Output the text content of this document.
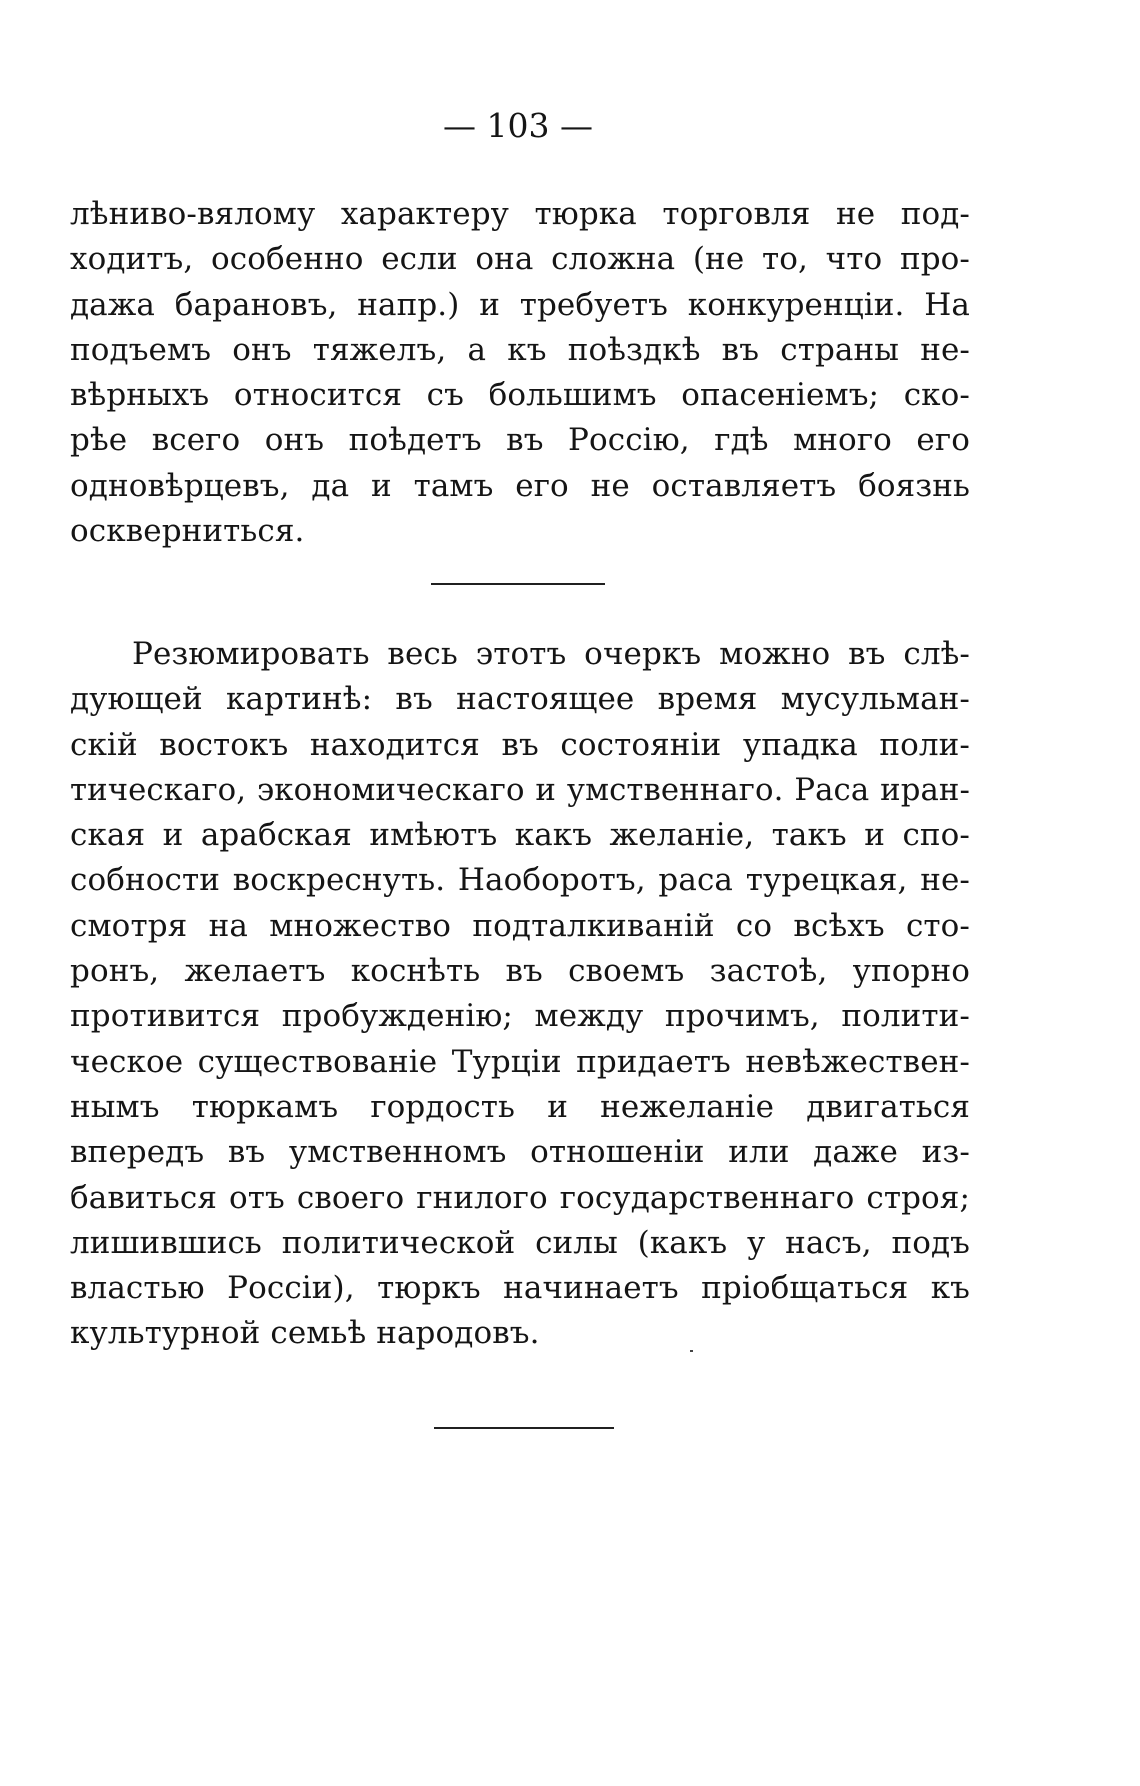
— 103 —
лѣниво-вялому характеру тюрка торговля не под-
ходитъ, особенно если она сложна (не то, что про-
дажа барановъ, напр.) и требуетъ конкуренціи. На
подъемъ онъ тяжелъ, а къ поѣздкѣ въ страны не-
вѣрныхъ относится съ большимъ опасеніемъ; ско-
рѣе всего онъ поѣдетъ въ Россію, гдѣ много его
одновѣрцевъ, да и тамъ его не оставляетъ боязнь
оскверниться.
Резюмировать весь этотъ очеркъ можно въ слѣ-
дующей картинѣ: въ настоящее время мусульман-
скій востокъ находится въ состояніи упадка поли-
тическаго, экономическаго и умственнаго. Раса иран-
ская и арабская имѣютъ какъ желаніе, такъ и спо-
собности воскреснуть. Наоборотъ, раса турецкая, не-
смотря на множество подталкиваній со всѣхъ сто-
ронъ, желаетъ коснѣть въ своемъ застоѣ, упорно
противится пробужденію; между прочимъ, полити-
ческое существованіе Турціи придаетъ невѣжествен-
нымъ тюркамъ гордость и нежеланіе двигаться
впередъ въ умственномъ отношеніи или даже из-
бавиться отъ своего гнилого государственнаго строя;
лишившись политической силы (какъ у насъ, подъ
властью Россіи), тюркъ начинаетъ пріобщаться къ
культурной семьѣ народовъ.
